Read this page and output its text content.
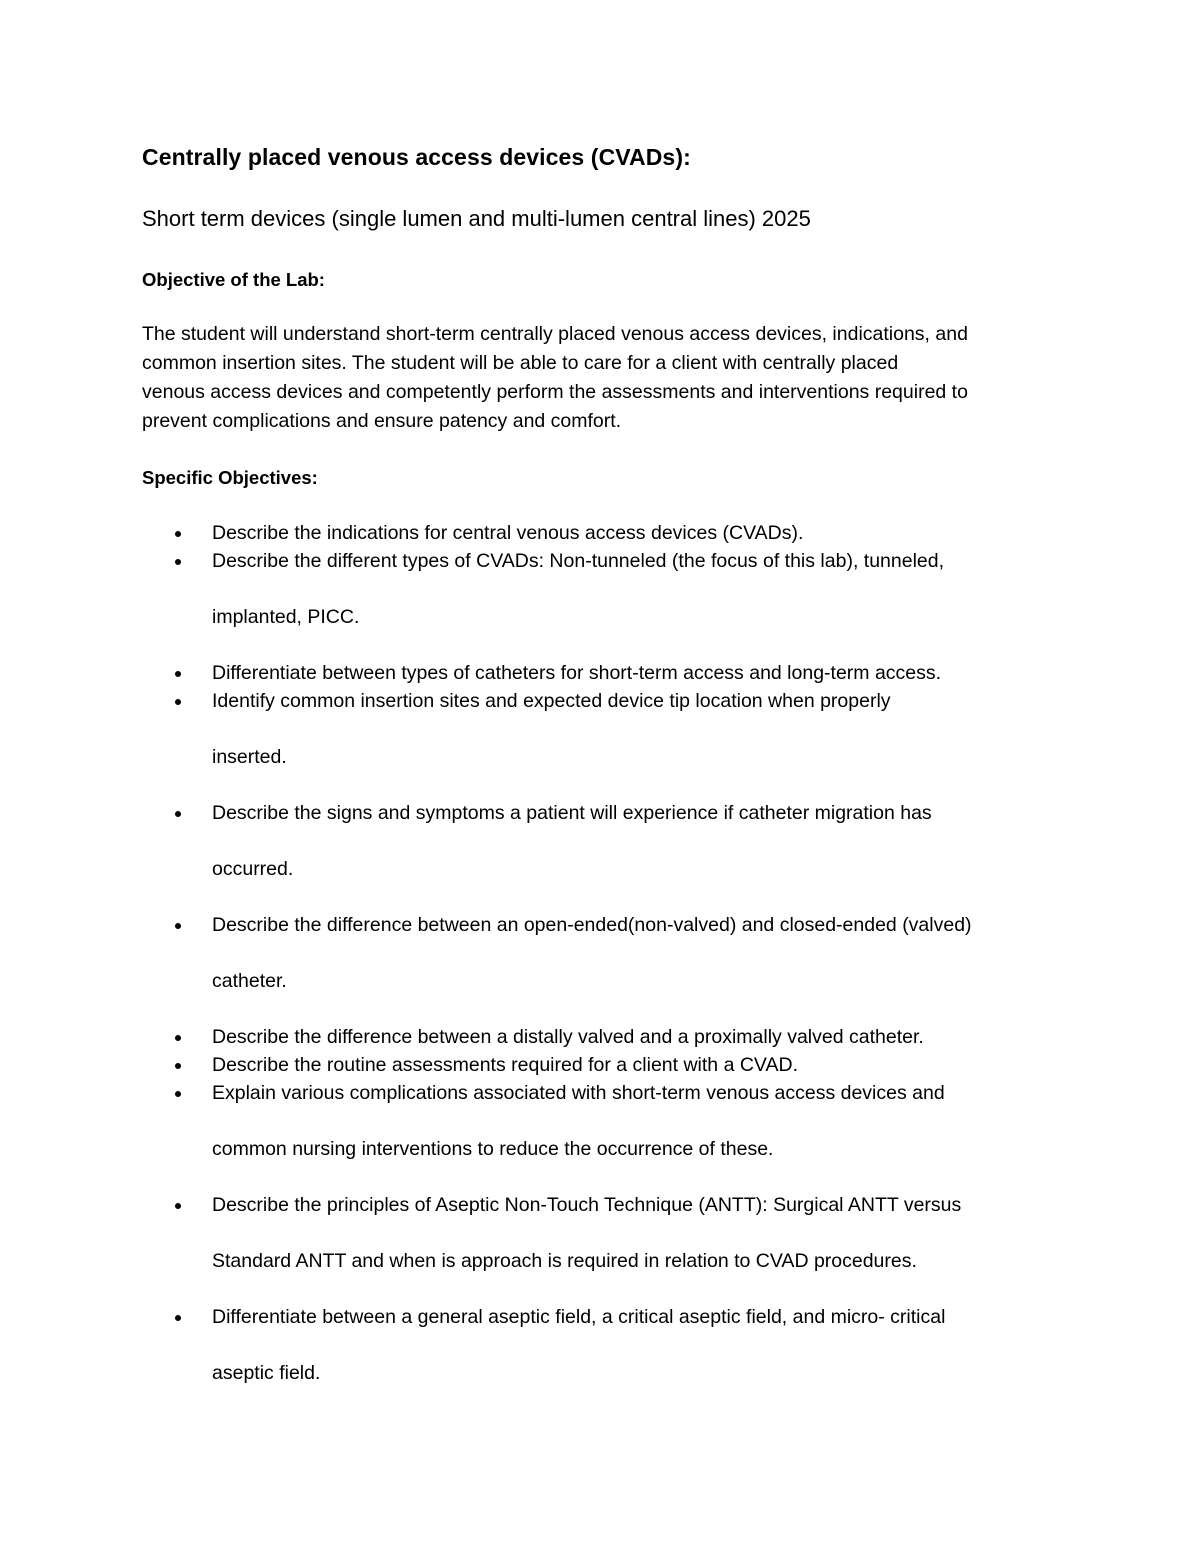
Centrally placed venous access devices (CVADs):
Short term devices (single lumen and multi-lumen central lines) 2025
Objective of the Lab:
The student will understand short-term centrally placed venous access devices, indications, and
common insertion sites. The student will be able to care for a client with centrally placed
venous access devices and competently perform the assessments and interventions required to
prevent complications and ensure patency and comfort.
Specific Objectives:
Describe the indications for central venous access devices (CVADs).
Describe the different types of CVADs: Non-tunneled (the focus of this lab), tunneled,
implanted, PICC.
Differentiate between types of catheters for short-term access and long-term access.
Identify common insertion sites and expected device tip location when properly
inserted.
Describe the signs and symptoms a patient will experience if catheter migration has
occurred.
Describe the difference between an open-ended(non-valved) and closed-ended (valved)
catheter.
Describe the difference between a distally valved and a proximally valved catheter.
Describe the routine assessments required for a client with a CVAD.
Explain various complications associated with short-term venous access devices and
common nursing interventions to reduce the occurrence of these.
Describe the principles of Aseptic Non-Touch Technique (ANTT): Surgical ANTT versus
Standard ANTT and when is approach is required in relation to CVAD procedures.
Differentiate between a general aseptic field, a critical aseptic field, and micro- critical
aseptic field.
